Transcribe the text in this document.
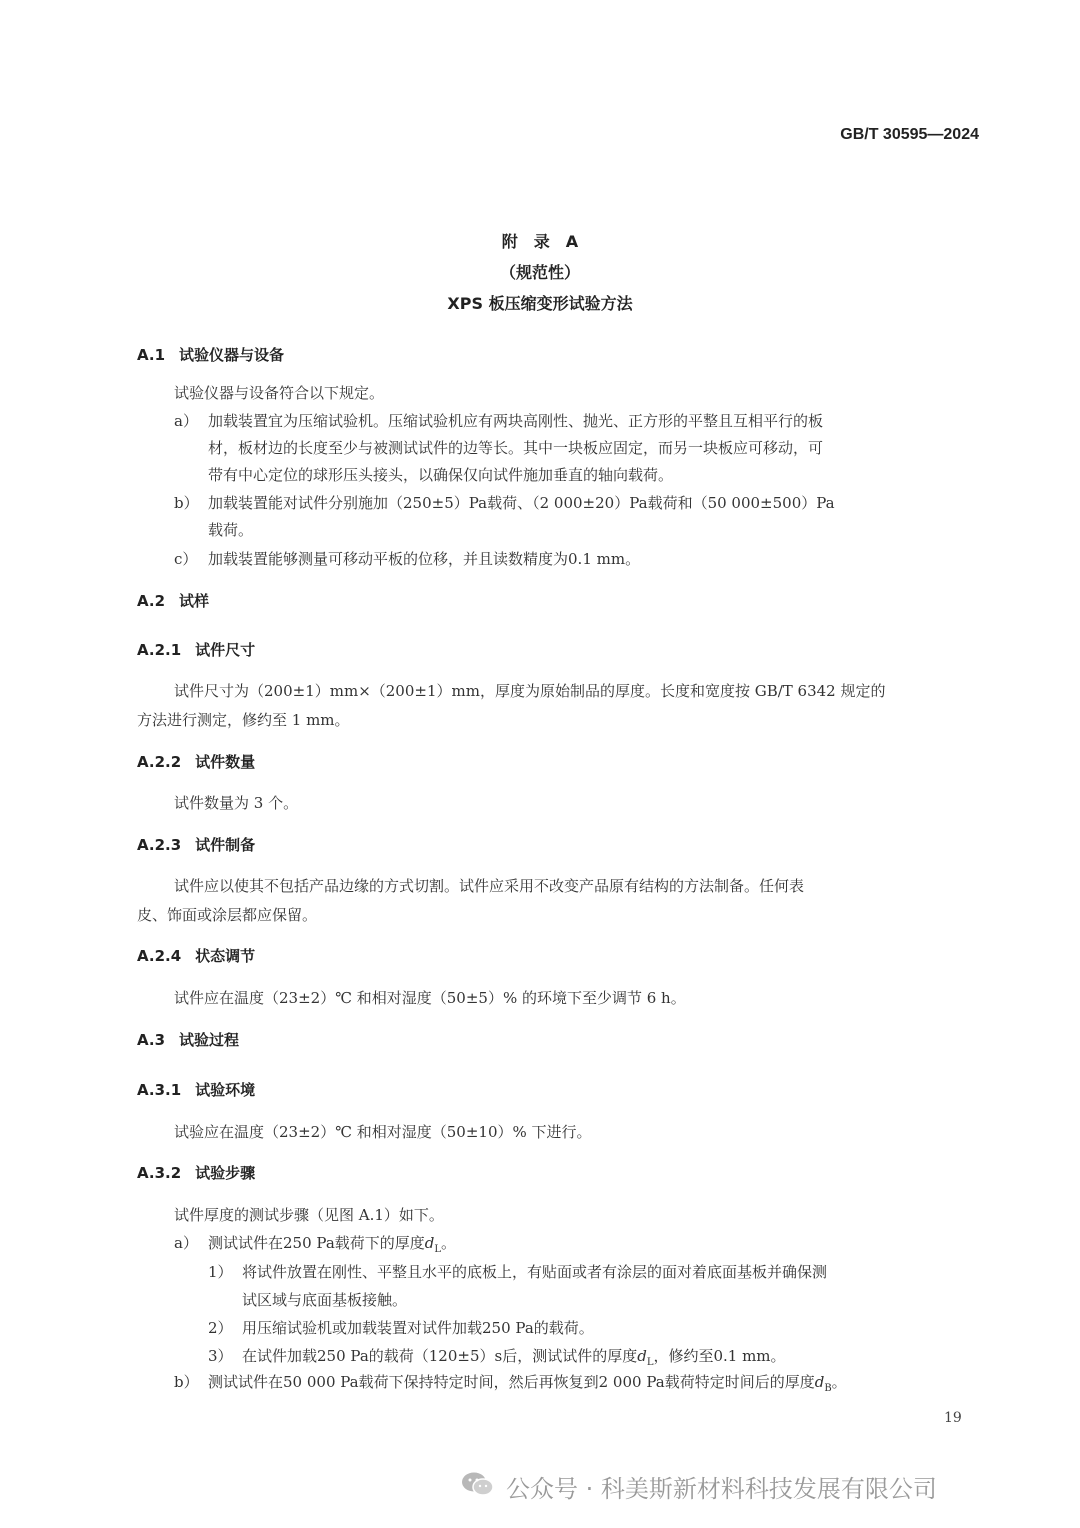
GB/T 30595—2024
附　录　A
（规范性）
XPS 板压缩变形试验方法
A.1 试验仪器与设备
试验仪器与设备符合以下规定。
a） 加载装置宜为压缩试验机。压缩试验机应有两块高刚性、抛光、正方形的平整且互相平行的板
材，板材边的长度至少与被测试试件的边等长。其中一块板应固定，而另一块板应可移动，可
带有中心定位的球形压头接头，以确保仅向试件施加垂直的轴向载荷。
b） 加载装置能对试件分别施加（250±5）Pa载荷、（2 000±20）Pa载荷和（50 000±500）Pa
载荷。
c） 加载装置能够测量可移动平板的位移，并且读数精度为0.1 mm。
A.2 试样
A.2.1 试件尺寸
试件尺寸为（200±1）mm×（200±1）mm，厚度为原始制品的厚度。长度和宽度按 GB/T 6342 规定的
方法进行测定，修约至 1 mm。
A.2.2 试件数量
试件数量为 3 个。
A.2.3 试件制备
试件应以使其不包括产品边缘的方式切割。试件应采用不改变产品原有结构的方法制备。任何表
皮、饰面或涂层都应保留。
A.2.4 状态调节
试件应在温度（23±2）℃ 和相对湿度（50±5）% 的环境下至少调节 6 h。
A.3 试验过程
A.3.1 试验环境
试验应在温度（23±2）℃ 和相对湿度（50±10）% 下进行。
A.3.2 试验步骤
试件厚度的测试步骤（见图 A.1）如下。
a） 测试试件在250 Pa载荷下的厚度$d_L$。
1） 将试件放置在刚性、平整且水平的底板上，有贴面或者有涂层的面对着底面基板并确保测
试区域与底面基板接触。
2） 用压缩试验机或加载装置对试件加载250 Pa的载荷。
3） 在试件加载250 Pa的载荷（120±5）s后，测试试件的厚度$d_L$，修约至0.1 mm。
b） 测试试件在50 000 Pa载荷下保持特定时间，然后再恢复到2 000 Pa载荷特定时间后的厚度$d_B$。
19
公众号 · 科美斯新材料科技发展有限公司
